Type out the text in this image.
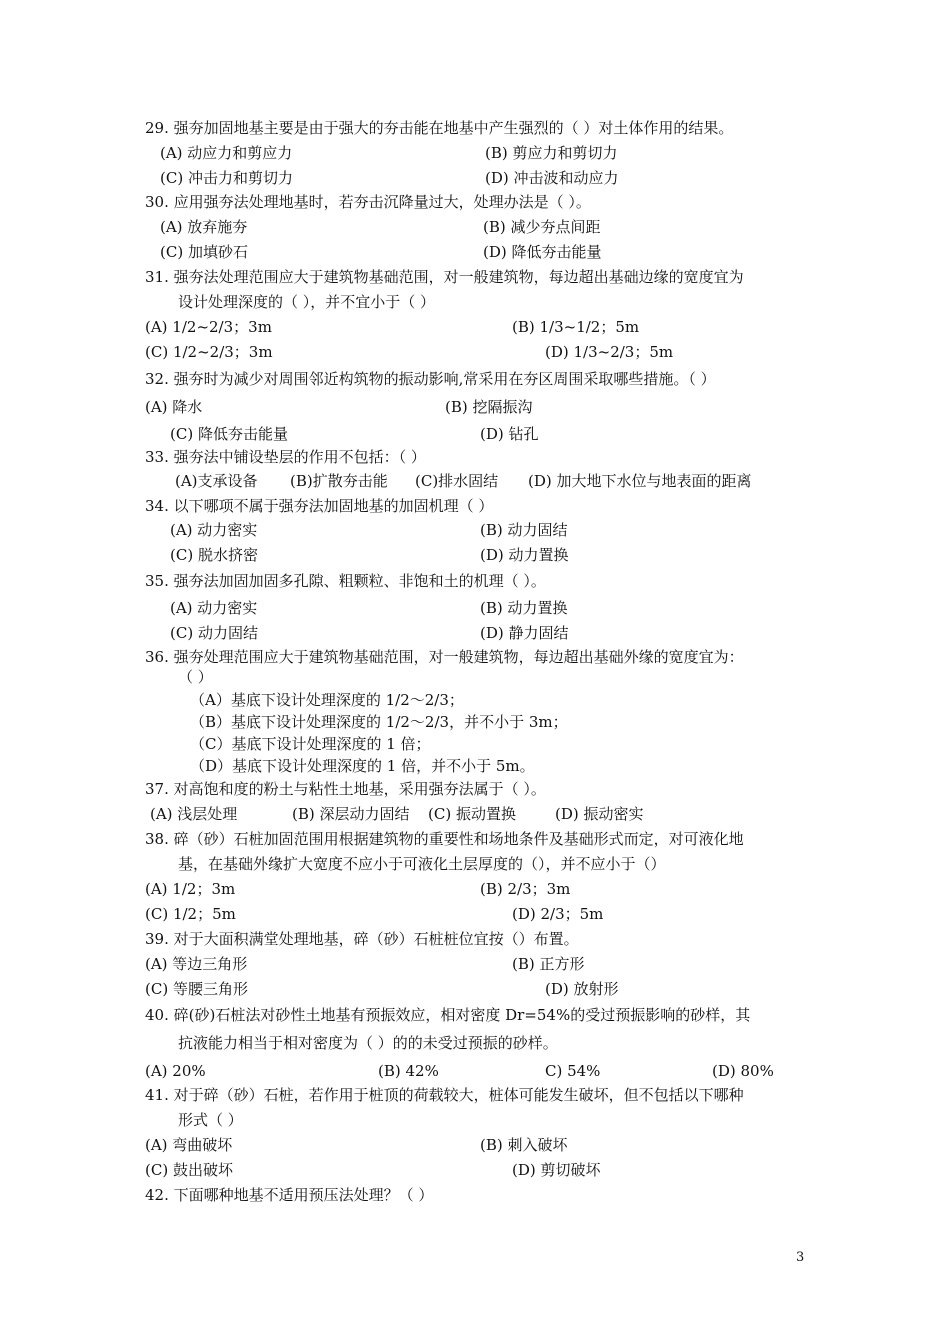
29. 强夯加固地基主要是由于强大的夯击能在地基中产生强烈的（ ）对土体作用的结果。
(A) 动应力和剪应力	(B) 剪应力和剪切力
(C) 冲击力和剪切力	(D) 冲击波和动应力
30. 应用强夯法处理地基时，若夯击沉降量过大，处理办法是（ ）。
(A) 放弃施夯	(B) 减少夯点间距
(C) 加填砂石	(D) 降低夯击能量
31. 强夯法处理范围应大于建筑物基础范围，对一般建筑物，每边超出基础边缘的宽度宜为
设计处理深度的（ ），并不宜小于（ ）
(A) 1/2~2/3；3m	(B) 1/3~1/2；5m
(C) 1/2~2/3；3m	(D) 1/3~2/3；5m
32. 强夯时为减少对周围邻近构筑物的振动影响,常采用在夯区周围采取哪些措施。（ ）
(A) 降水	(B) 挖隔振沟
(C) 降低夯击能量	(D) 钻孔
33. 强夯法中铺设垫层的作用不包括：（ ）
(A)支承设备 (B)扩散夯击能 (C)排水固结 (D) 加大地下水位与地表面的距离
34. 以下哪项不属于强夯法加固地基的加固机理（ ）
(A) 动力密实	(B) 动力固结
(C) 脱水挤密	(D) 动力置换
35. 强夯法加固加固多孔隙、粗颗粒、非饱和土的机理（ ）。
(A) 动力密实	(B) 动力置换
(C) 动力固结	(D) 静力固结
36. 强夯处理范围应大于建筑物基础范围，对一般建筑物，每边超出基础外缘的宽度宜为：
（ ）
（A）基底下设计处理深度的 1/2～2/3；
（B）基底下设计处理深度的 1/2～2/3，并不小于 3m；
（C）基底下设计处理深度的 1 倍；
（D）基底下设计处理深度的 1 倍，并不小于 5m。
37. 对高饱和度的粉土与粘性土地基，采用强夯法属于（ ）。
(A) 浅层处理	(B) 深层动力固结 (C) 振动置换	(D) 振动密实
38. 碎（砂）石桩加固范围用根据建筑物的重要性和场地条件及基础形式而定，对可液化地
基，在基础外缘扩大宽度不应小于可液化土层厚度的（），并不应小于（）
(A) 1/2；3m	(B) 2/3；3m
(C) 1/2；5m	(D) 2/3；5m
39. 对于大面积满堂处理地基，碎（砂）石桩桩位宜按（）布置。
(A) 等边三角形	(B) 正方形
(C) 等腰三角形	(D) 放射形
40. 碎(砂)石桩法对砂性土地基有预振效应，相对密度 Dr=54%的受过预振影响的砂样，其
抗液能力相当于相对密度为（ ）的的未受过预振的砂样。
(A) 20%	(B) 42%	C) 54%	(D) 80%
41. 对于碎（砂）石桩，若作用于桩顶的荷载较大，桩体可能发生破坏，但不包括以下哪种
形式（ ）
(A) 弯曲破坏	(B) 刺入破坏
(C) 鼓出破坏	(D) 剪切破坏
42. 下面哪种地基不适用预压法处理？（ ）
3
